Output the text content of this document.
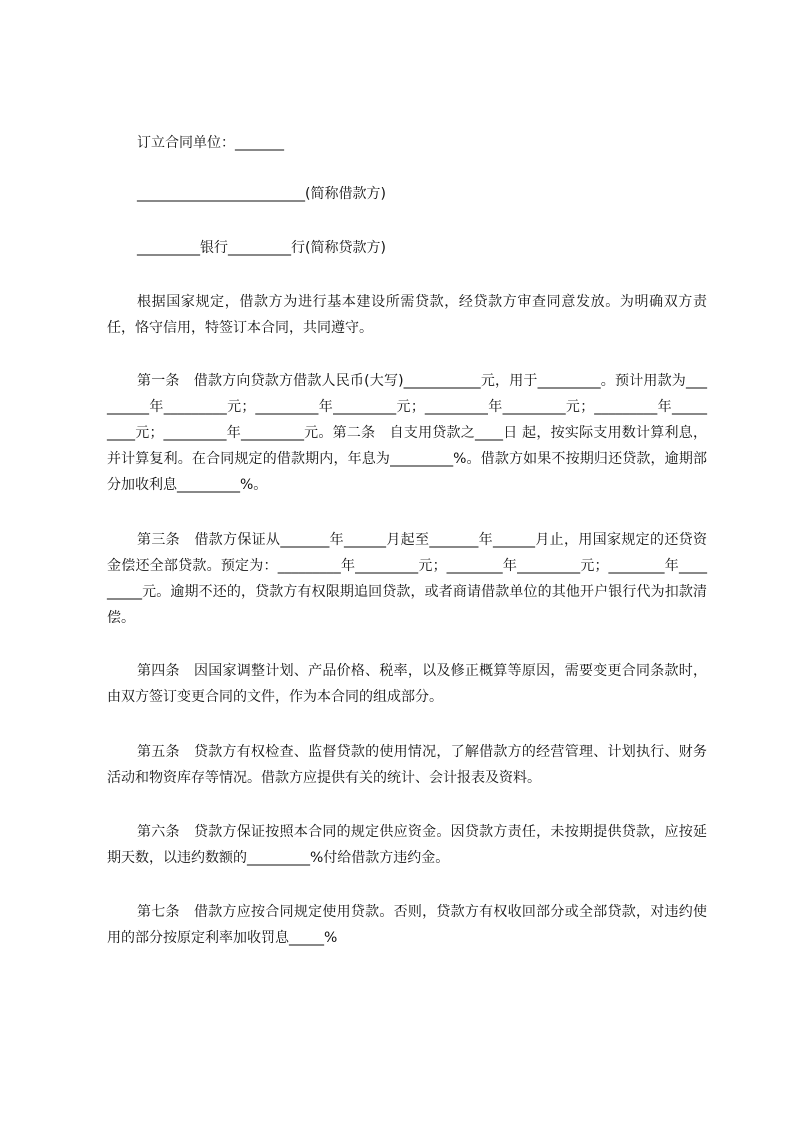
订立合同单位：_______
________________________(简称借款方)
_________银行_________行(简称贷款方)
根据国家规定，借款方为进行基本建设所需贷款，经贷款方审查同意发放。为明确双方责任，恪守信用，特签订本合同，共同遵守。
第一条　借款方向贷款方借款人民币(大写)___________元，用于_________。预计用款为_________年_________元；_________年_________元；_________年_________元；_________年_________元；_________年_________元。第二条　自支用贷款之____日 起，按实际支用数计算利息，并计算复利。在合同规定的借款期内，年息为_________%。借款方如果不按期归还贷款，逾期部分加收利息_________%。
第三条　借款方保证从_______年______月起至_______年______月止，用国家规定的还贷资金偿还全部贷款。预定为：_________年_________元；________年_________元；________年_________元。逾期不还的，贷款方有权限期追回贷款，或者商请借款单位的其他开户银行代为扣款清偿。
第四条　因国家调整计划、产品价格、税率，以及修正概算等原因，需要变更合同条款时，由双方签订变更合同的文件，作为本合同的组成部分。
第五条　贷款方有权检查、监督贷款的使用情况，了解借款方的经营管理、计划执行、财务活动和物资库存等情况。借款方应提供有关的统计、会计报表及资料。
第六条　贷款方保证按照本合同的规定供应资金。因贷款方责任，未按期提供贷款，应按延期天数，以违约数额的_________%付给借款方违约金。
第七条　借款方应按合同规定使用贷款。否则，贷款方有权收回部分或全部贷款，对违约使用的部分按原定利率加收罚息_____%
